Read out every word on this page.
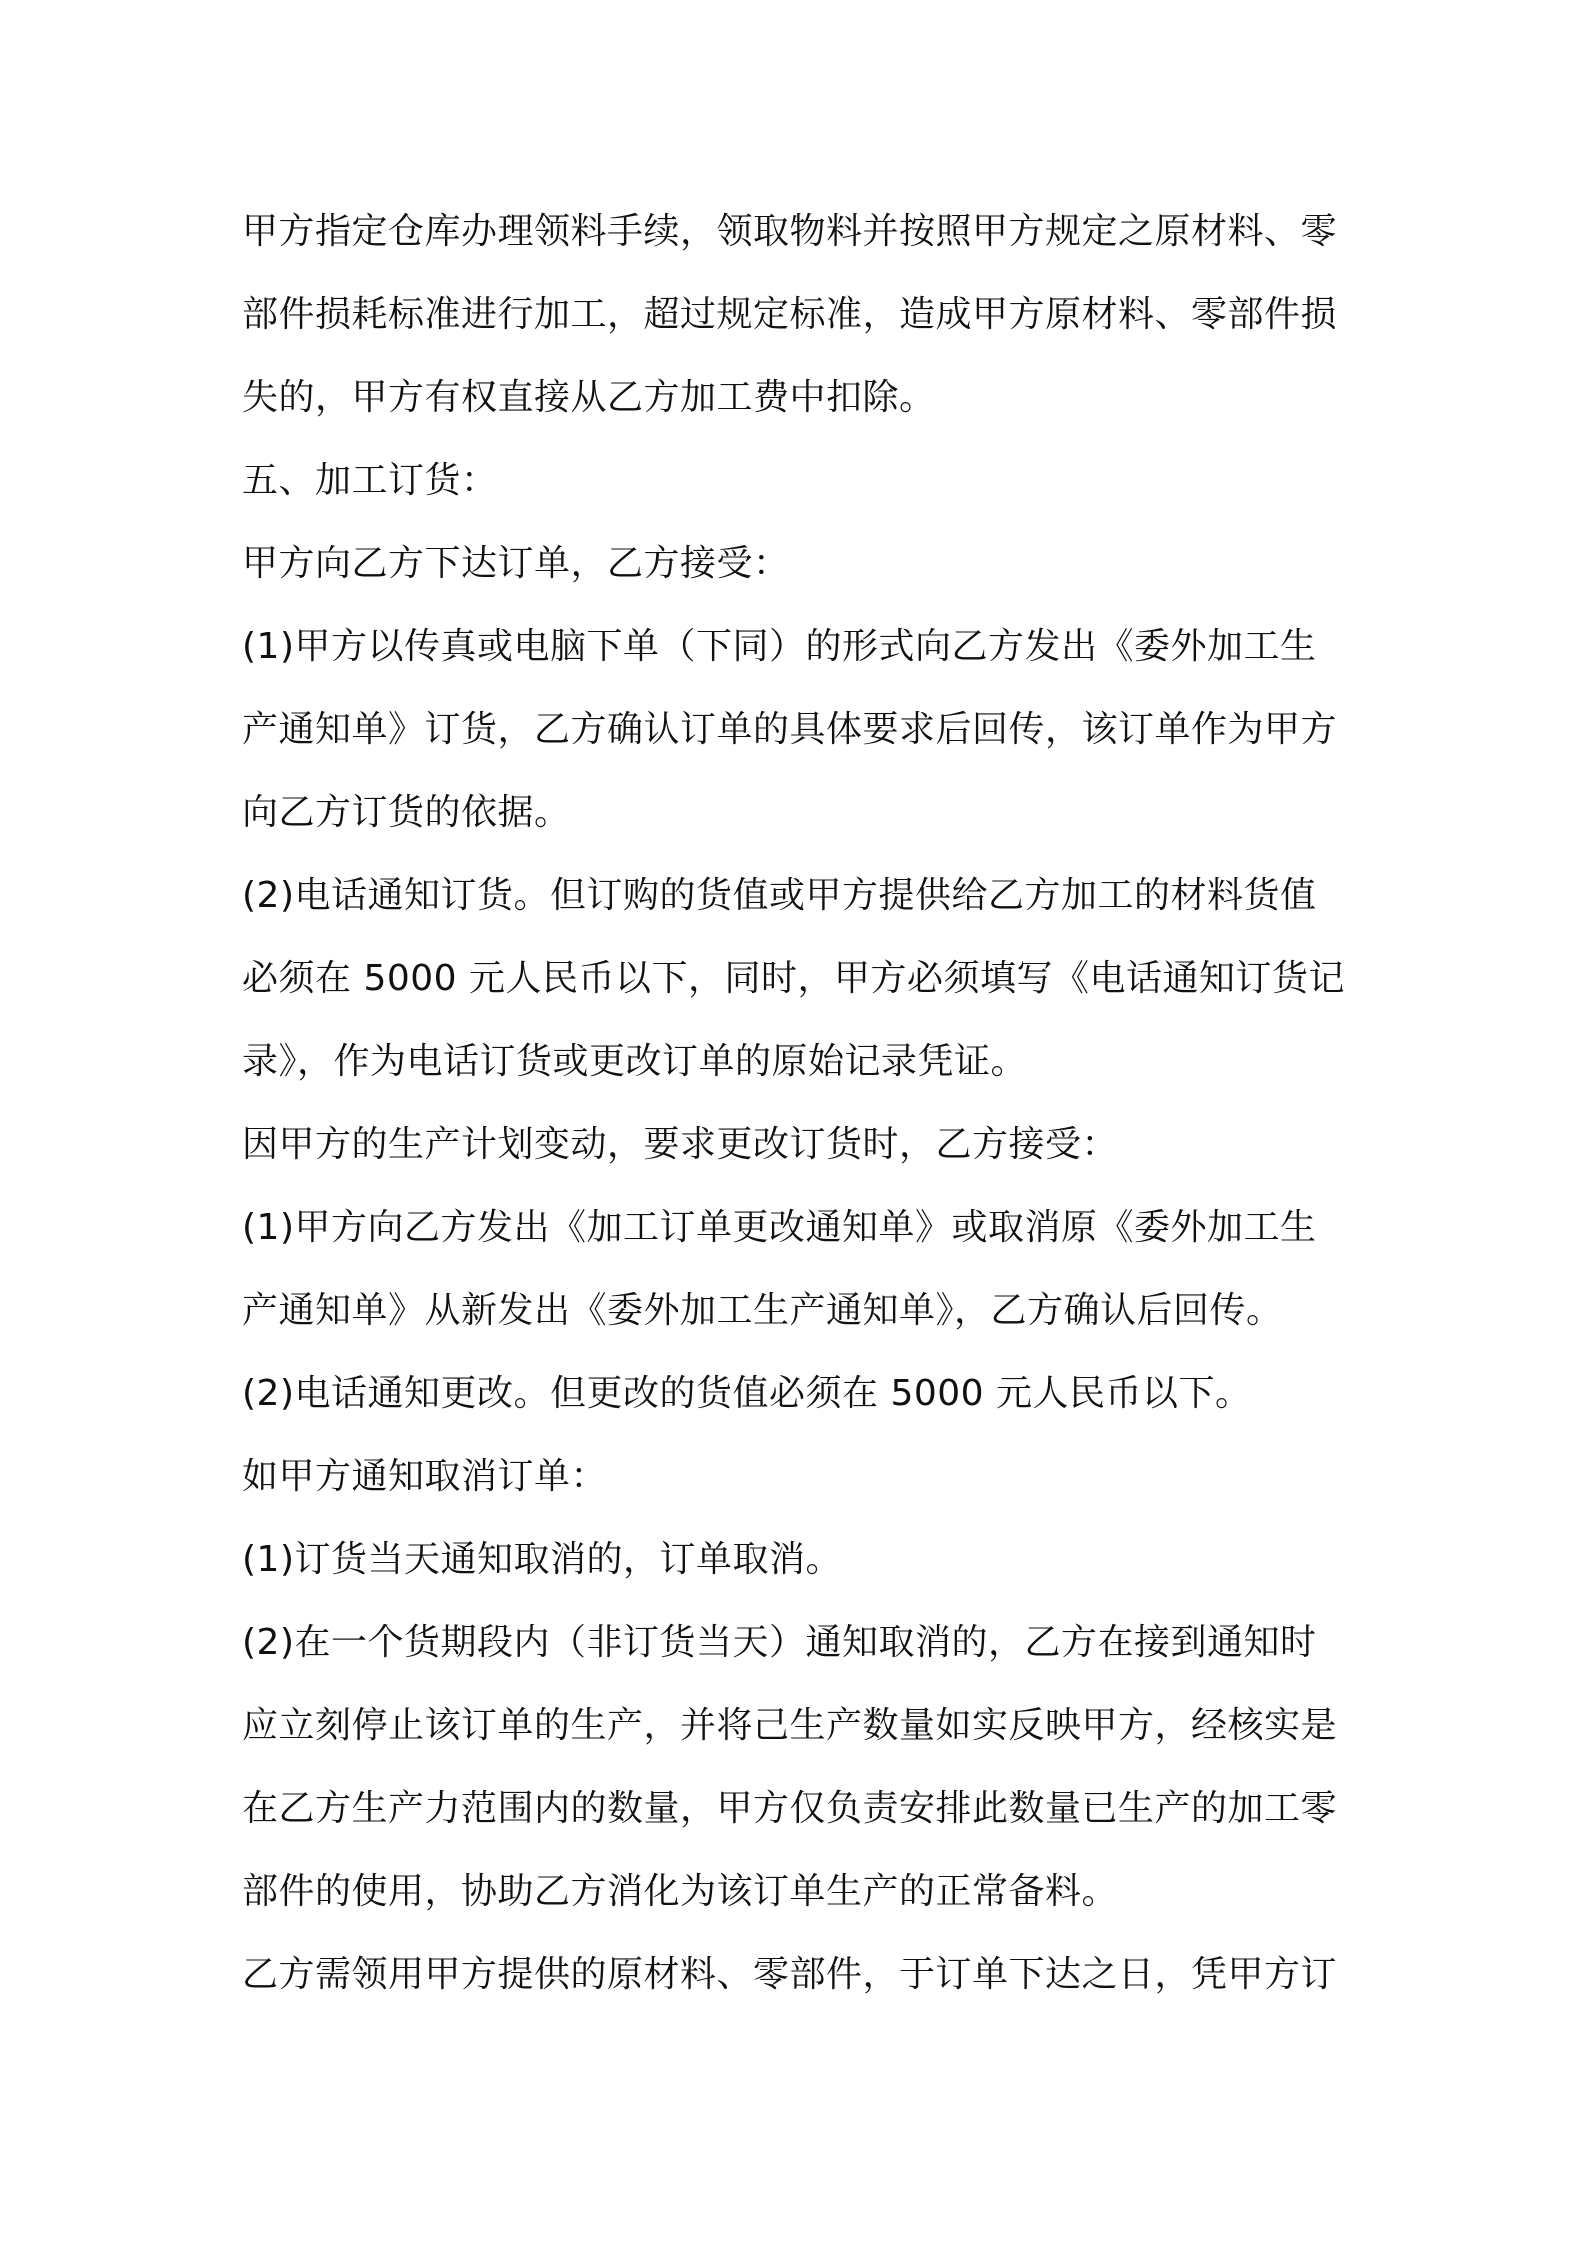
甲方指定仓库办理领料手续，领取物料并按照甲方规定之原材料、零
部件损耗标准进行加工，超过规定标准，造成甲方原材料、零部件损
失的，甲方有权直接从乙方加工费中扣除。
五、加工订货：
甲方向乙方下达订单，乙方接受：
(1)甲方以传真或电脑下单（下同）的形式向乙方发出《委外加工生
产通知单》订货，乙方确认订单的具体要求后回传，该订单作为甲方
向乙方订货的依据。
(2)电话通知订货。但订购的货值或甲方提供给乙方加工的材料货值
必须在 5000 元人民币以下，同时，甲方必须填写《电话通知订货记
录》，作为电话订货或更改订单的原始记录凭证。
因甲方的生产计划变动，要求更改订货时，乙方接受：
(1)甲方向乙方发出《加工订单更改通知单》或取消原《委外加工生
产通知单》从新发出《委外加工生产通知单》，乙方确认后回传。
(2)电话通知更改。但更改的货值必须在 5000 元人民币以下。
如甲方通知取消订单：
(1)订货当天通知取消的，订单取消。
(2)在一个货期段内（非订货当天）通知取消的，乙方在接到通知时
应立刻停止该订单的生产，并将己生产数量如实反映甲方，经核实是
在乙方生产力范围内的数量，甲方仅负责安排此数量已生产的加工零
部件的使用，协助乙方消化为该订单生产的正常备料。
乙方需领用甲方提供的原材料、零部件，于订单下达之日，凭甲方订
